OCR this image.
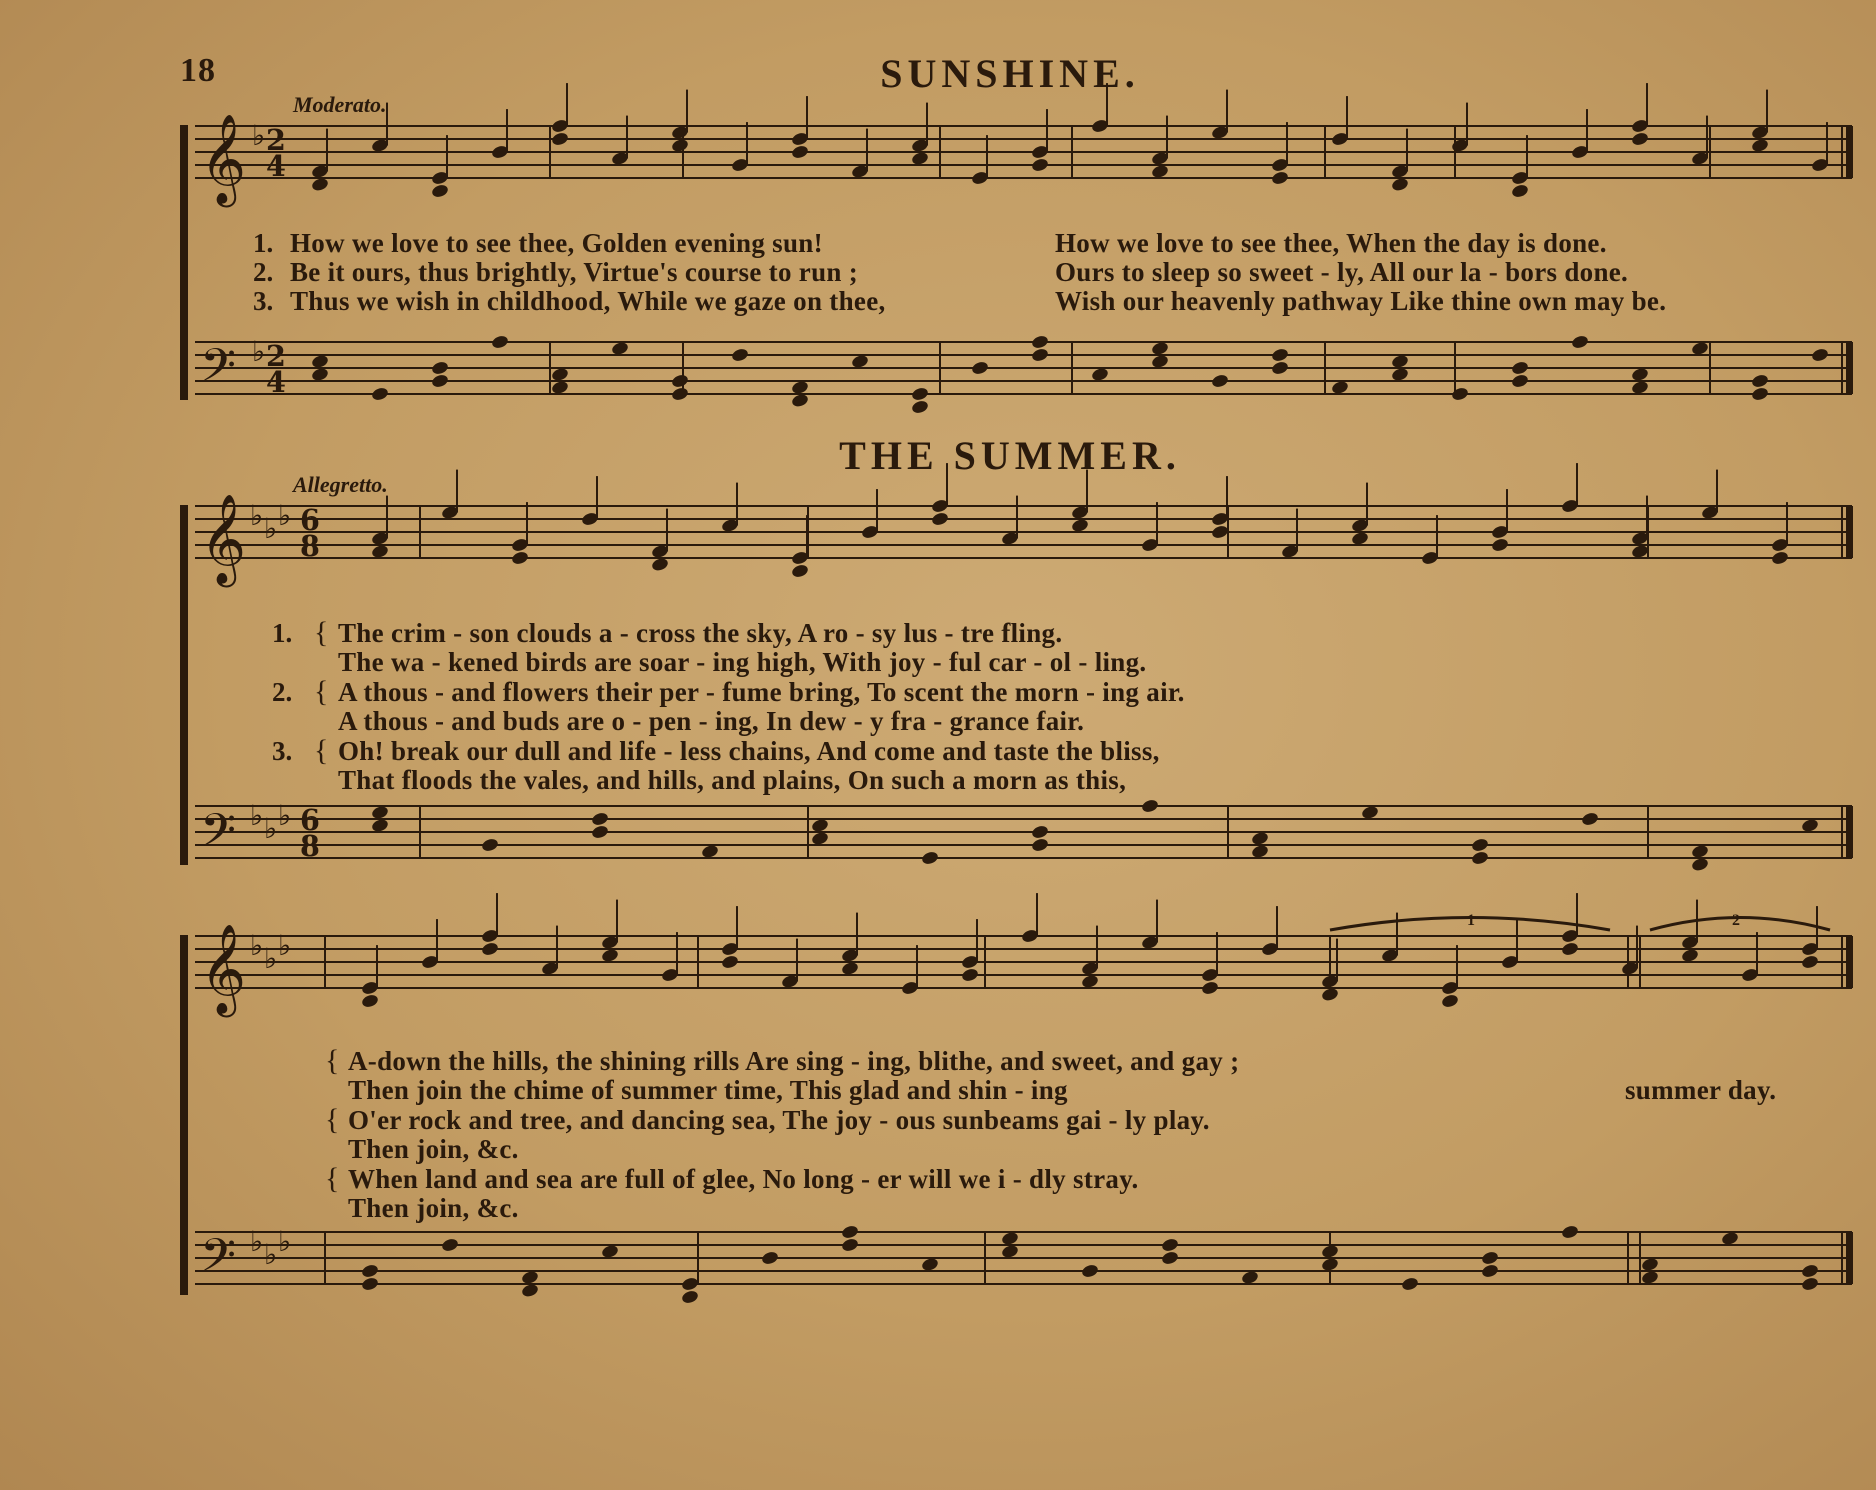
18	SUNSHINE.
Moderato.
THE SUMMER.
Allegretto.
𝄞 ♭ 2
4
𝄢 ♭ 2
4
𝄞 ♭ ♭ ♭ 6
8
𝄢 ♭ ♭ ♭ 6
8
𝄞 ♭ ♭ ♭
𝄢 ♭ ♭ ♭
1. How we love to see thee, Golden evening sun!	How we love to see thee, When the day is done.
2. Be it ours, thus brightly, Virtue's course to run ;	Ours to sleep so sweet - ly, All our la - bors done.
3. Thus we wish in childhood, While we gaze on thee,	Wish our heavenly pathway Like thine own may be.
1. { The crim - son clouds a - cross the sky, A ro - sy lus - tre fling.
The wa - kened birds are soar - ing high, With joy - ful car - ol - ling.
2. { A thous - and flowers their per - fume bring, To scent the morn - ing air.
A thous - and buds are o - pen - ing, In dew - y fra - grance fair.
3. { Oh! break our dull and life - less chains, And come and taste the bliss,
That floods the vales, and hills, and plains, On such a morn as this,
{ A-down the hills, the shining rills Are sing - ing, blithe, and sweet, and gay ;
Then join the chime of summer time, This glad and shin - ing	summer day.
{ O'er rock and tree, and dancing sea, The joy - ous sunbeams gai - ly play.
Then join, &c.
{ When land and sea are full of glee, No long - er will we i - dly stray.
Then join, &c.
1	2
